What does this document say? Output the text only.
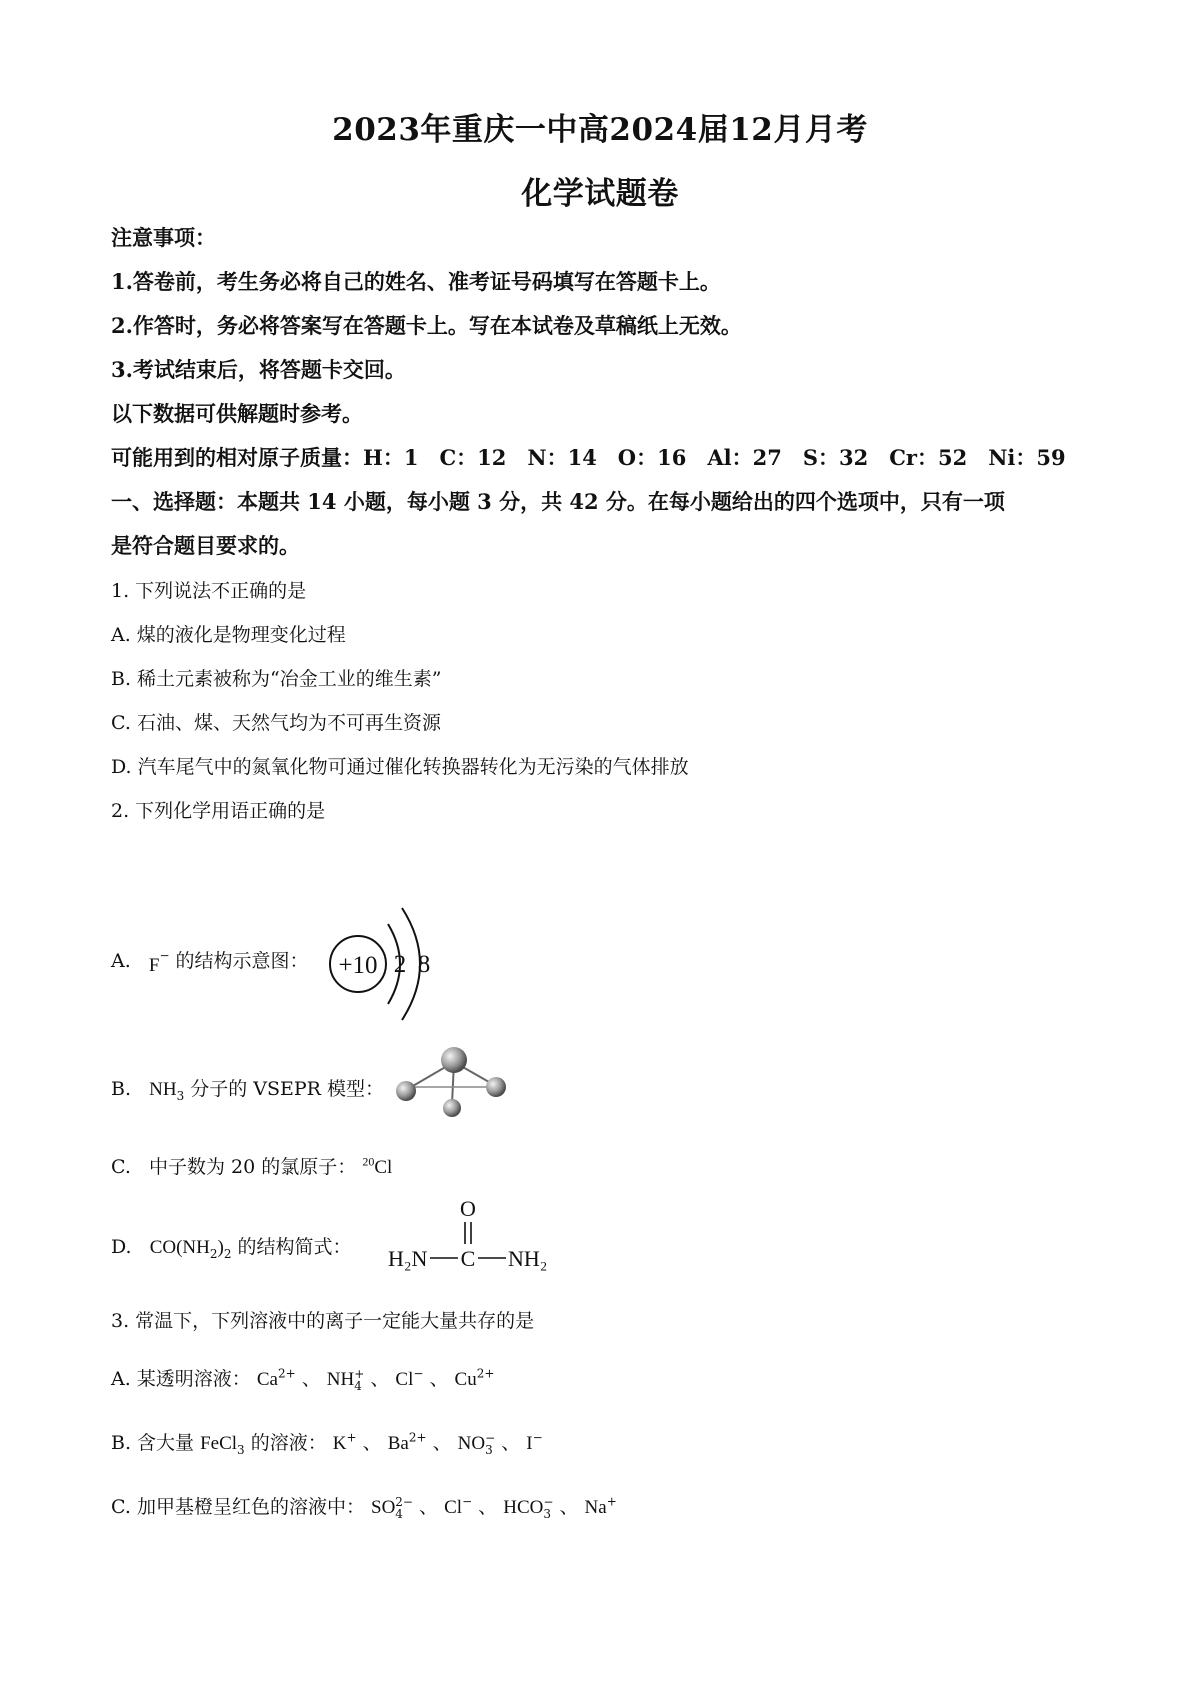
2023年重庆一中高2024届12月月考
化学试题卷
注意事项：
1.答卷前，考生务必将自己的姓名、准考证号码填写在答题卡上。
2.作答时，务必将答案写在答题卡上。写在本试卷及草稿纸上无效。
3.考试结束后，将答题卡交回。
以下数据可供解题时参考。
可能用到的相对原子质量：H：1　C：12　N：14　O：16　Al：27　S：32　Cr：52　Ni：59
一、选择题：本题共 14 小题，每小题 3 分，共 42 分。在每小题给出的四个选项中，只有一项
是符合题目要求的。
1. 下列说法不正确的是
A. 煤的液化是物理变化过程
B. 稀土元素被称为“冶金工业的维生素”
C. 石油、煤、天然气均为不可再生资源
D. 汽车尾气中的氮氧化物可通过催化转换器转化为无污染的气体排放
2. 下列化学用语正确的是
A. F− 的结构示意图： +10 2 8
B. $NH_3$ 分子的 VSEPR 模型：
C. 中子数为 20 的氯原子： $^{20}$Cl
D. $CO(NH_2)_2$ 的结构简式：
O
H₂N C NH₂
3. 常温下，下列溶液中的离子一定能大量共存的是
A. 某透明溶液： $Ca^{2+}$ 、 NH +
4 、 Cl− 、 $Cu^{2+}$
B. 含大量 FeCl$_3$ 的溶液： K+ 、 $Ba^{2+}$ 、 NO −
3 、 I−
C. 加甲基橙呈红色的溶液中： SO 2−
4 、 Cl− 、 HCO −
3 、 Na+
